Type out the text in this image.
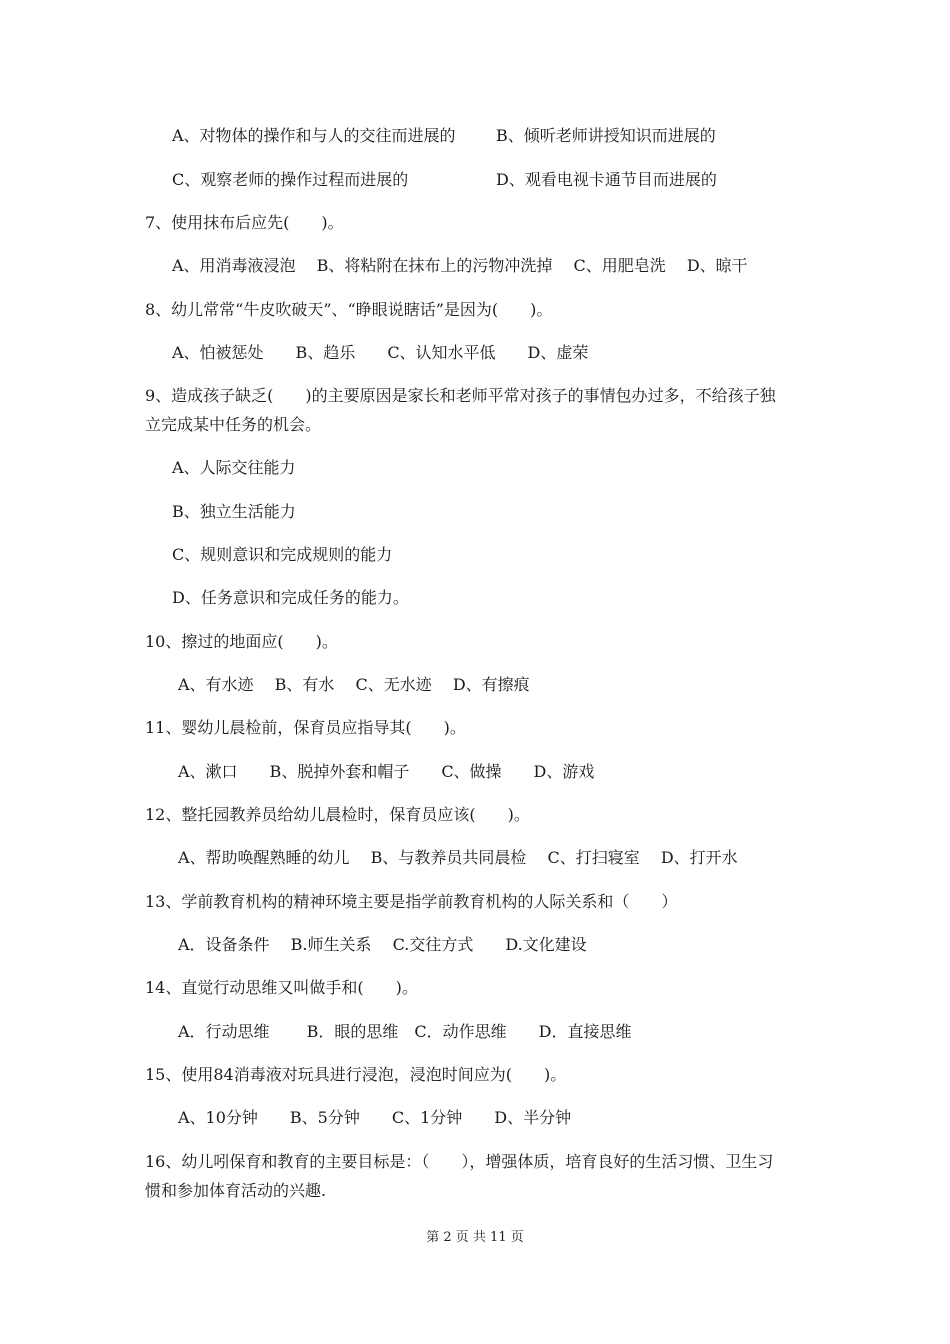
A、对物体的操作和与人的交往而进展的	B、倾听老师讲授知识而进展的
C、观察老师的操作过程而进展的	D、观看电视卡通节目而进展的
7、使用抹布后应先(　　)。
A、用消毒液浸泡　 B、将粘附在抹布上的污物冲洗掉　 C、用肥皂洗　 D、晾干
8、幼儿常常“牛皮吹破天”、“睁眼说瞎话”是因为(　　)。
A、怕被惩处　　B、趋乐　　C、认知水平低　　D、虚荣
9、造成孩子缺乏(　　)的主要原因是家长和老师平常对孩子的事情包办过多，不给孩子独
立完成某中任务的机会。
A、人际交往能力
B、独立生活能力
C、规则意识和完成规则的能力
D、任务意识和完成任务的能力。
10、擦过的地面应(　　)。
A、有水迹　 B、有水　 C、无水迹　 D、有擦痕
11、婴幼儿晨检前，保育员应指导其(　　)。
A、漱口　　B、脱掉外套和帽子　　C、做操　　D、游戏
12、整托园教养员给幼儿晨检时，保育员应该(　　)。
A、帮助唤醒熟睡的幼儿　 B、与教养员共同晨检　 C、打扫寝室　 D、打开水
13、学前教育机构的精神环境主要是指学前教育机构的人际关系和（　　）
A．设备条件　 B.师生关系　 C.交往方式　　D.文化建设
14、直觉行动思维又叫做手和(　　)。
A．行动思维　　 B．眼的思维　C．动作思维　　D．直接思维
15、使用84消毒液对玩具进行浸泡，浸泡时间应为(　　)。
A、10分钟　　B、5分钟　　C、1分钟　　D、半分钟
16、幼儿吲保育和教育的主要目标是：（　　），增强体质，培育良好的生活习惯、卫生习
惯和参加体育活动的兴趣.
第 2 页 共 11 页
